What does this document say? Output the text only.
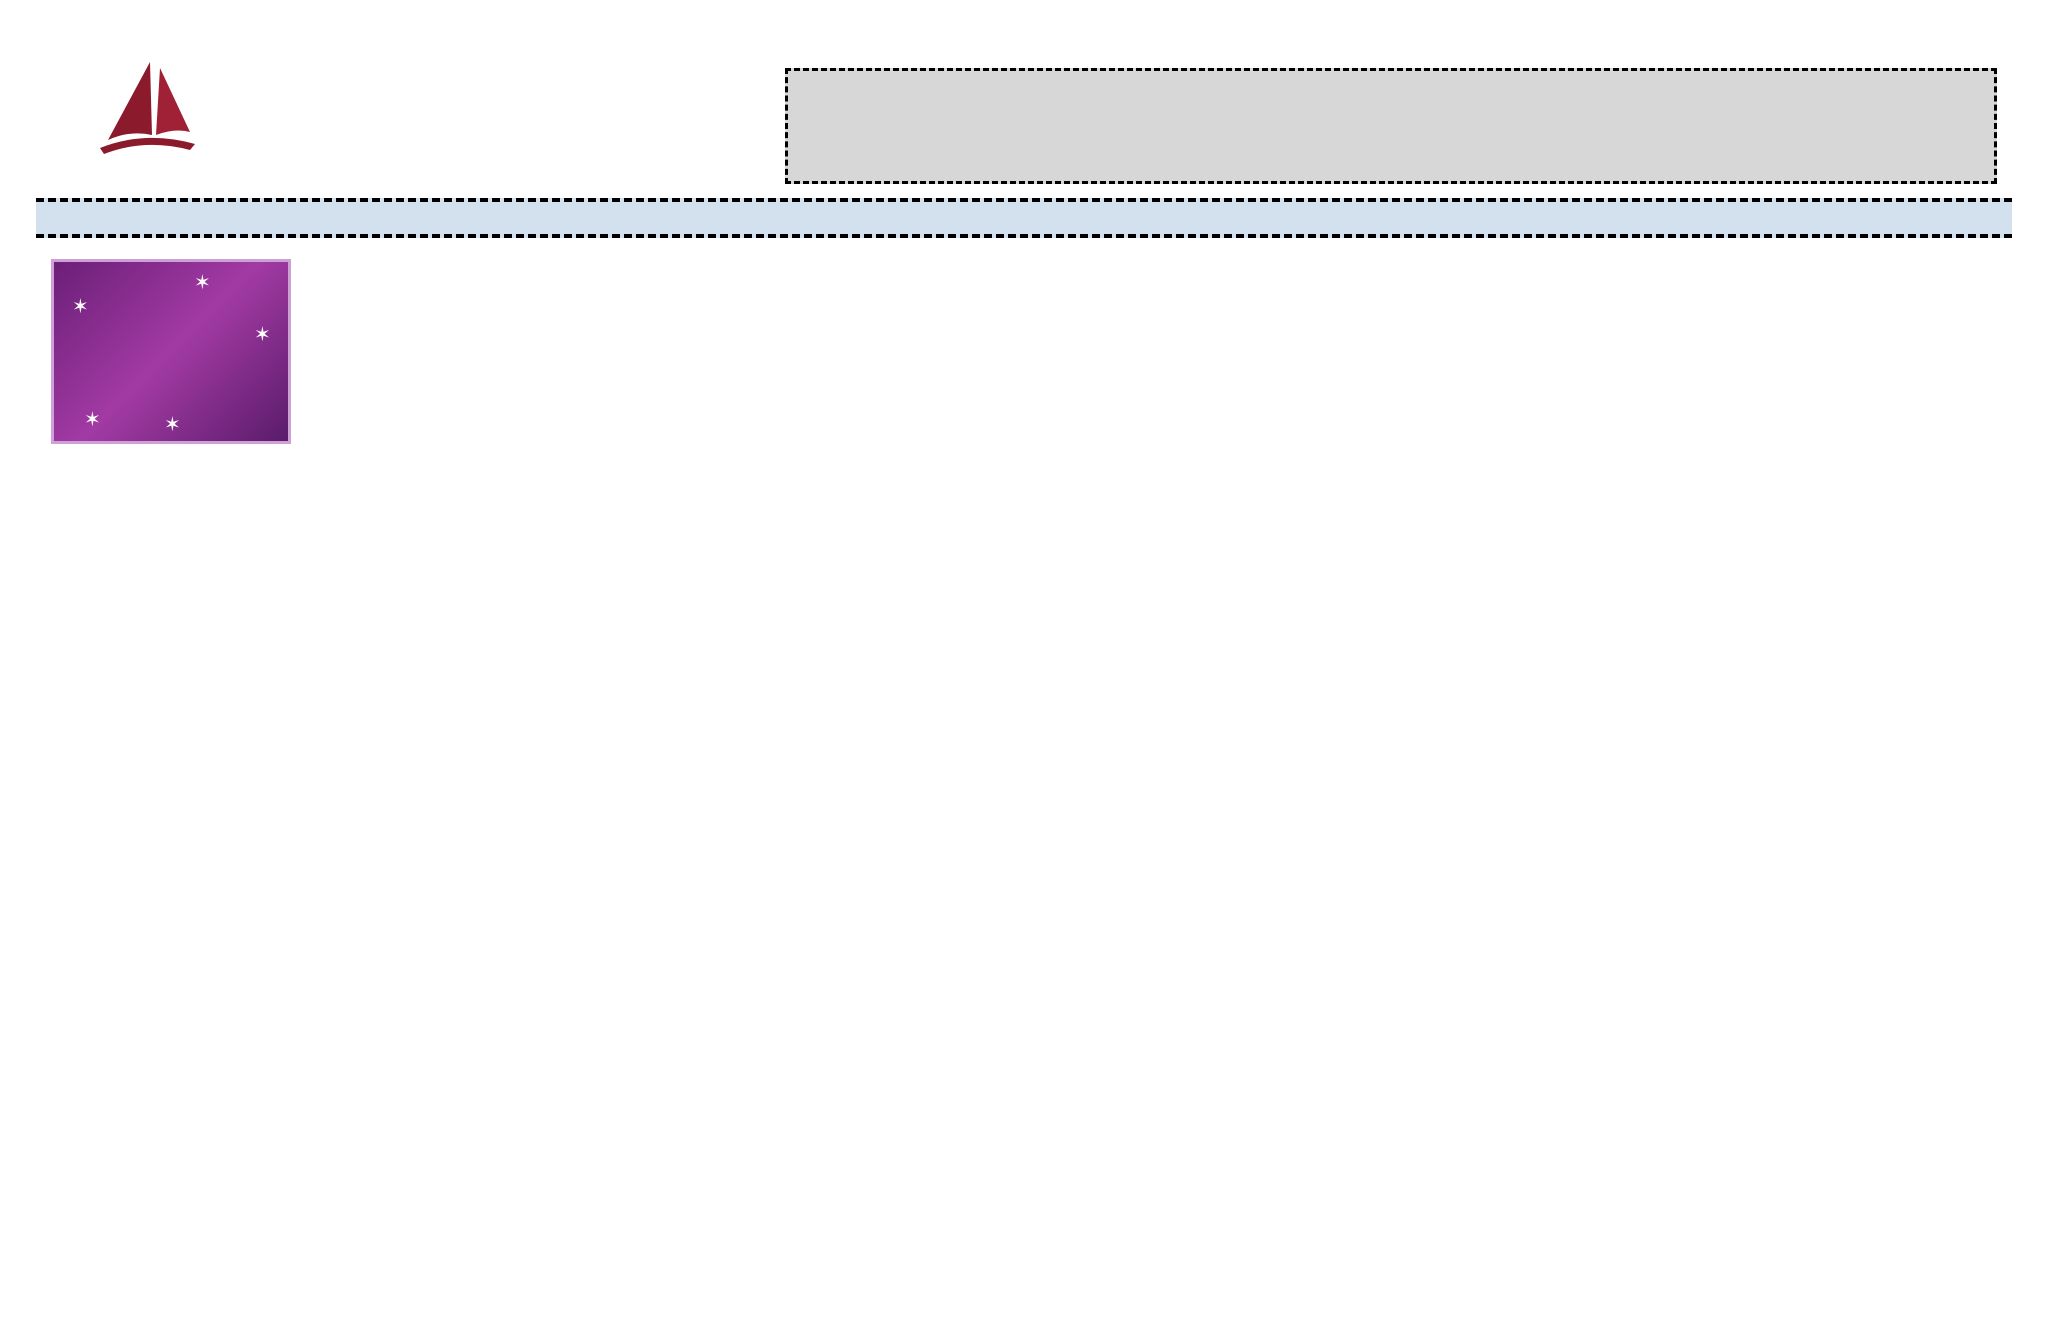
✶
✶
✶
✶	✶
